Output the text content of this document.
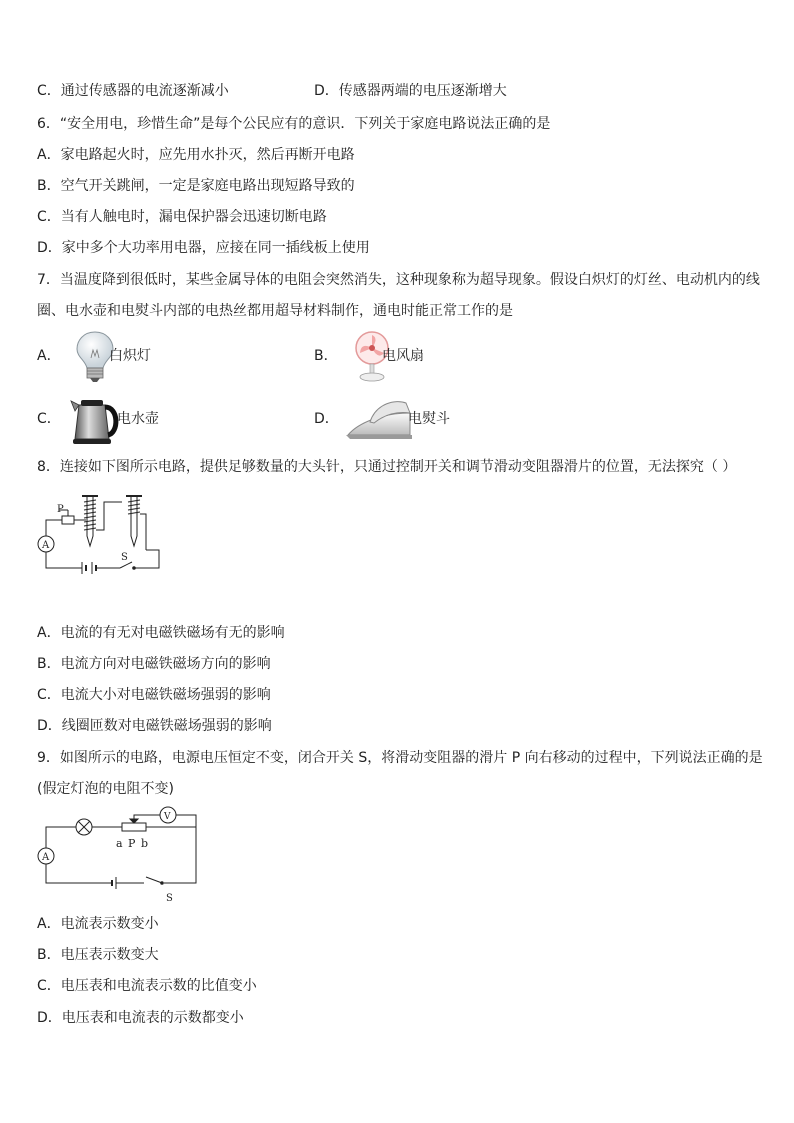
C．通过传感器的电流逐渐减小	D．传感器两端的电压逐渐增大
6．“安全用电，珍惜生命”是每个公民应有的意识．下列关于家庭电路说法正确的是
A．家电路起火时，应先用水扑灭，然后再断开电路
B．空气开关跳闸，一定是家庭电路出现短路导致的
C．当有人触电时，漏电保护器会迅速切断电路
D．家中多个大功率用电器，应接在同一插线板上使用
7．当温度降到很低时，某些金属导体的电阻会突然消失，这种现象称为超导现象。假设白炽灯的灯丝、电动机内的线
圈、电水壶和电熨斗内部的电热丝都用超导材料制作，通电时能正常工作的是
A．	白炽灯	B．	电风扇
C．	电水壶	D．	电熨斗
8．连接如下图所示电路，提供足够数量的大头针，只通过控制开关和调节滑动变阻器滑片的位置，无法探究（ ）
P
A
S
A．电流的有无对电磁铁磁场有无的影响
B．电流方向对电磁铁磁场方向的影响
C．电流大小对电磁铁磁场强弱的影响
D．线圈匝数对电磁铁磁场强弱的影响
9．如图所示的电路，电源电压恒定不变，闭合开关 S，将滑动变阻器的滑片 P 向右移动的过程中，下列说法正确的是
(假定灯泡的电阻不变)
V
A
a P b
S
A．电流表示数变小
B．电压表示数变大
C．电压表和电流表示数的比值变小
D．电压表和电流表的示数都变小
